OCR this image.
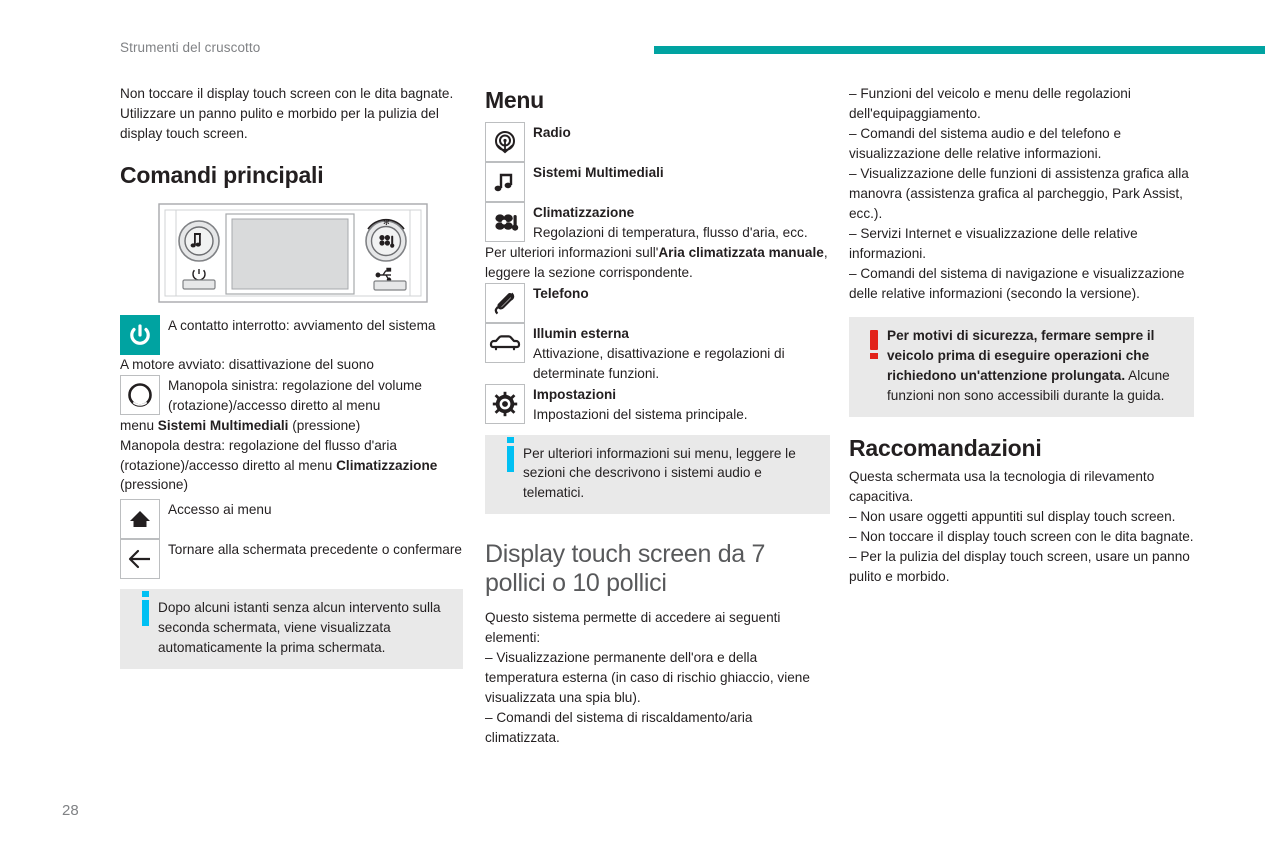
Strumenti del cruscotto

Non toccare il display touch screen con le dita bagnate.
Utilizzare un panno pulito e morbido per la pulizia del display touch screen.

Comandi principali
✻
A contatto interrotto: avviamento del sistema

A motore avviato: disattivazione del suono

Manopola sinistra: regolazione del volume (rotazione)/accesso diretto al menu

menu Sistemi Multimediali (pressione)

Manopola destra: regolazione del flusso d'aria (rotazione)/accesso diretto al menu Climatizzazione (pressione)

Accesso ai menu
Tornare alla schermata precedente o confermare
Dopo alcuni istanti senza alcun intervento sulla seconda schermata, viene visualizzata automaticamente la prima schermata.
Menu
Radio
Sistemi Multimediali
Climatizzazione
Regolazioni di temperatura, flusso d'aria, ecc.

Per ulteriori informazioni sull'Aria climatizzata manuale, leggere la sezione corrispondente.

Telefono
Illumin esterna
Attivazione, disattivazione e regolazioni di determinate funzioni.
Impostazioni
Impostazioni del sistema principale.
Per ulteriori informazioni sui menu, leggere le sezioni che descrivono i sistemi audio e telematici.
Display touch screen da 7 pollici o 10 pollici

Questo sistema permette di accedere ai seguenti elementi:

– Visualizzazione permanente dell'ora e della temperatura esterna (in caso di rischio ghiaccio, viene visualizzata una spia blu).

– Comandi del sistema di riscaldamento/aria climatizzata.

– Funzioni del veicolo e menu delle regolazioni dell'equipaggiamento.

– Comandi del sistema audio e del telefono e visualizzazione delle relative informazioni.

– Visualizzazione delle funzioni di assistenza grafica alla manovra (assistenza grafica al parcheggio, Park Assist, ecc.).

– Servizi Internet e visualizzazione delle relative informazioni.

– Comandi del sistema di navigazione e visualizzazione delle relative informazioni (secondo la versione).

Per motivi di sicurezza, fermare sempre il veicolo prima di eseguire operazioni che richiedono un'attenzione prolungata. Alcune funzioni non sono accessibili durante la guida.
Raccomandazioni

Questa schermata usa la tecnologia di rilevamento capacitiva.

– Non usare oggetti appuntiti sul display touch screen.

– Non toccare il display touch screen con le dita bagnate.

– Per la pulizia del display touch screen, usare un panno pulito e morbido.

28
